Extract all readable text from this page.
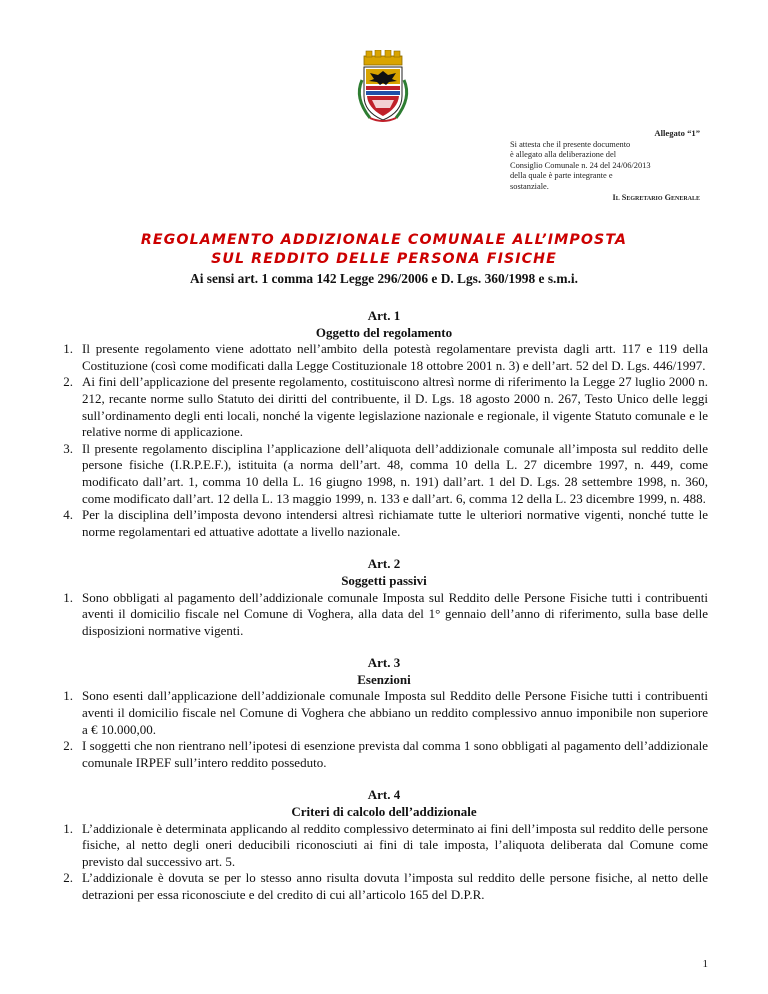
Allegato “1”
Si attesta che il presente documento
è allegato alla deliberazione del
Consiglio Comunale n. 24 del 24/06/2013
della quale è parte integrante e
sostanziale.
Il Segretario Generale
REGOLAMENTO ADDIZIONALE COMUNALE ALL’IMPOSTA
SUL REDDITO DELLE PERSONA FISICHE
Ai sensi art. 1 comma 142 Legge 296/2006 e D. Lgs. 360/1998 e s.m.i.
Art. 1
Oggetto del regolamento
1. Il presente regolamento viene adottato nell’ambito della potestà regolamentare prevista dagli artt. 117 e 119 della Costituzione (così come modificati dalla Legge Costituzionale 18 ottobre 2001 n. 3) e dell’art. 52 del D. Lgs. 446/1997.
2. Ai fini dell’applicazione del presente regolamento, costituiscono altresì norme di riferimento la Legge 27 luglio 2000 n. 212, recante norme sullo Statuto dei diritti del contribuente, il D. Lgs. 18 agosto 2000 n. 267, Testo Unico delle leggi sull’ordinamento degli enti locali, nonché la vigente legislazione nazionale e regionale, il vigente Statuto comunale e le relative norme di applicazione.
3. Il presente regolamento disciplina l’applicazione dell’aliquota dell’addizionale comunale all’imposta sul reddito delle persone fisiche (I.R.P.E.F.), istituita (a norma dell’art. 48, comma 10 della L. 27 dicembre 1997, n. 449, come modificato dall’art. 1, comma 10 della L. 16 giugno 1998, n. 191) dall’art. 1 del D. Lgs. 28 settembre 1998, n. 360, come modificato dall’art. 12 della L. 13 maggio 1999, n. 133 e dall’art. 6, comma 12 della L. 23 dicembre 1999, n. 488.
4. Per la disciplina dell’imposta devono intendersi altresì richiamate tutte le ulteriori normative vigenti, nonché tutte le norme regolamentari ed attuative adottate a livello nazionale.
Art. 2
Soggetti passivi
1. Sono obbligati al pagamento dell’addizionale comunale Imposta sul Reddito delle Persone Fisiche tutti i contribuenti aventi il domicilio fiscale nel Comune di Voghera, alla data del 1° gennaio dell’anno di riferimento, sulla base delle disposizioni normative vigenti.
Art. 3
Esenzioni
1. Sono esenti dall’applicazione dell’addizionale comunale Imposta sul Reddito delle Persone Fisiche tutti i contribuenti aventi il domicilio fiscale nel Comune di Voghera che abbiano un reddito complessivo annuo imponibile non superiore a € 10.000,00.
2. I soggetti che non rientrano nell’ipotesi di esenzione prevista dal comma 1 sono obbligati al pagamento dell’addizionale comunale IRPEF sull’intero reddito posseduto.
Art. 4
Criteri di calcolo dell’addizionale
1. L’addizionale è determinata applicando al reddito complessivo determinato ai fini dell’imposta sul reddito delle persone fisiche, al netto degli oneri deducibili riconosciuti ai fini di tale imposta, l’aliquota deliberata dal Comune come previsto dal successivo art. 5.
2. L’addizionale è dovuta se per lo stesso anno risulta dovuta l’imposta sul reddito delle persone fisiche, al netto delle detrazioni per essa riconosciute e del credito di cui all’articolo 165 del D.P.R.
1
